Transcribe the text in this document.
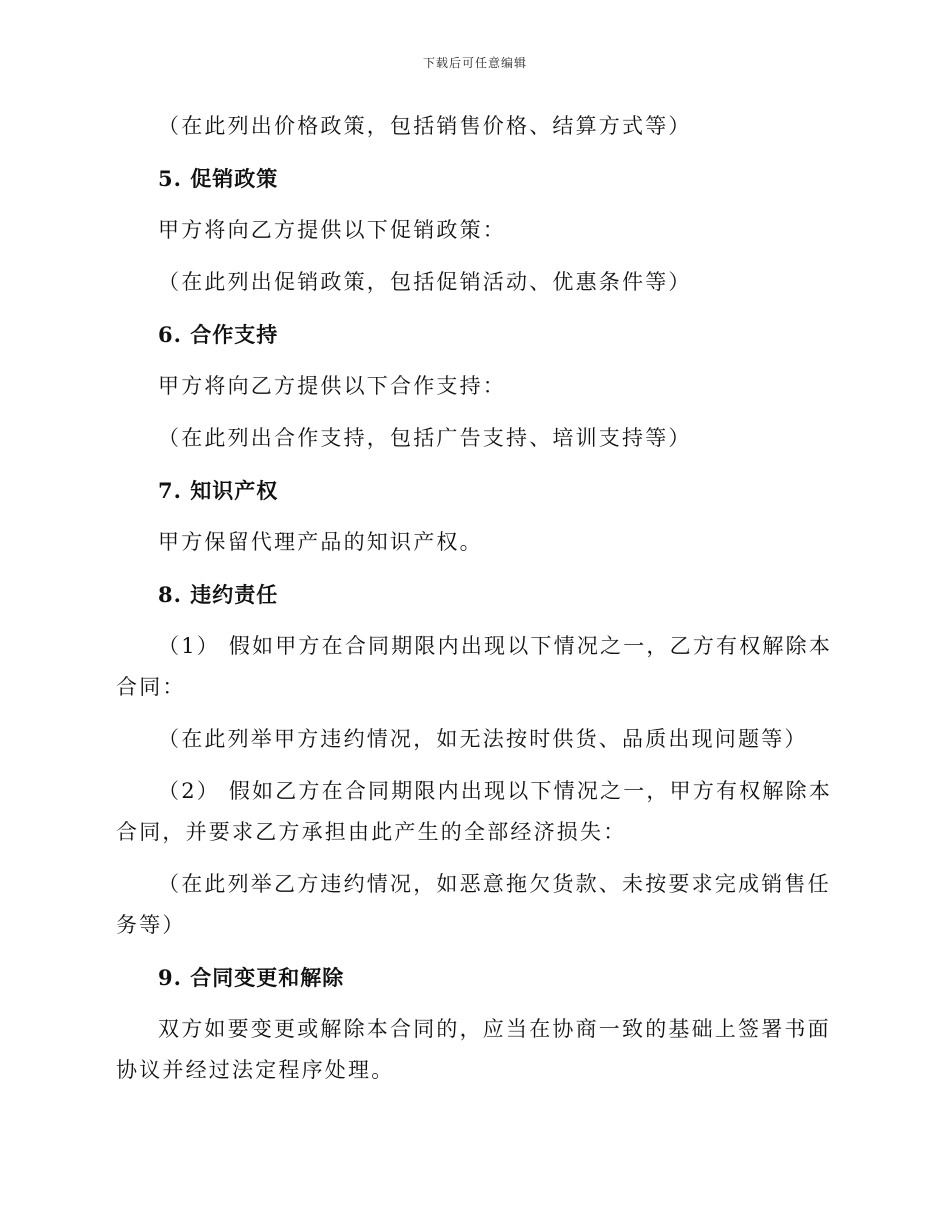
下载后可任意编辑
（在此列出价格政策，包括销售价格、结算方式等）
5. 促销政策
甲方将向乙方提供以下促销政策：
（在此列出促销政策，包括促销活动、优惠条件等）
6. 合作支持
甲方将向乙方提供以下合作支持：
（在此列出合作支持，包括广告支持、培训支持等）
7. 知识产权
甲方保留代理产品的知识产权。
8. 违约责任
（1） 假如甲方在合同期限内出现以下情况之一，乙方有权解除本合同：
（在此列举甲方违约情况，如无法按时供货、品质出现问题等）
（2） 假如乙方在合同期限内出现以下情况之一，甲方有权解除本合同，并要求乙方承担由此产生的全部经济损失：
（在此列举乙方违约情况，如恶意拖欠货款、未按要求完成销售任务等）
9. 合同变更和解除
双方如要变更或解除本合同的，应当在协商一致的基础上签署书面协议并经过法定程序处理。
